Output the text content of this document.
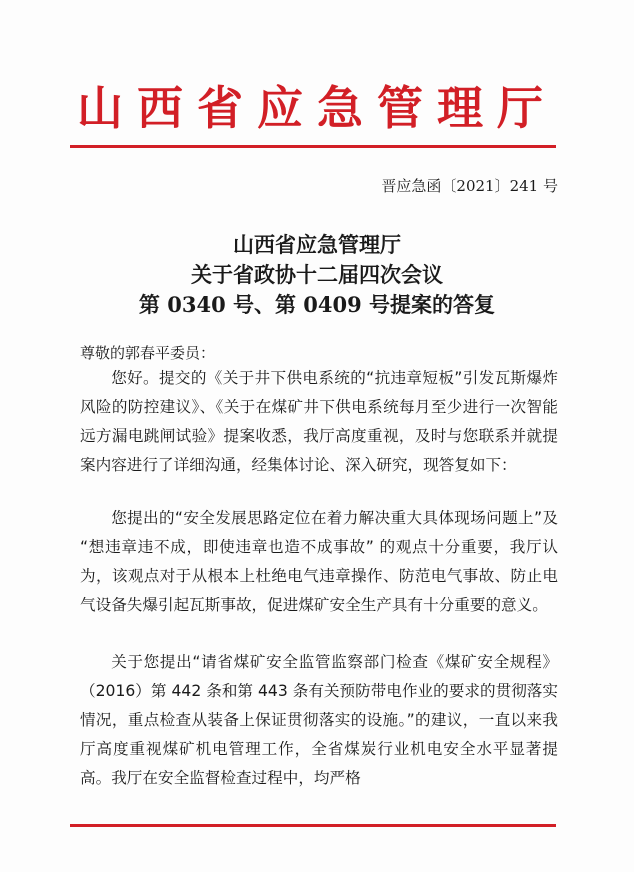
山西省应急管理厅
晋应急函〔2021〕241 号
山西省应急管理厅
关于省政协十二届四次会议
第 0340 号、第 0409 号提案的答复
尊敬的郭春平委员：

您好。提交的《关于井下供电系统的“抗违章短板”引发瓦斯爆炸风险的防控建议》、《关于在煤矿井下供电系统每月至少进行一次智能远方漏电跳闸试验》提案收悉，我厅高度重视，及时与您联系并就提案内容进行了详细沟通，经集体讨论、深入研究，现答复如下：

您提出的“安全发展思路定位在着力解决重大具体现场问题上”及 “想违章违不成，即使违章也造不成事故” 的观点十分重要，我厅认为，该观点对于从根本上杜绝电气违章操作、防范电气事故、防止电气设备失爆引起瓦斯事故，促进煤矿安全生产具有十分重要的意义。

关于您提出“请省煤矿安全监管监察部门检查《煤矿安全规程》（2016）第 442 条和第 443 条有关预防带电作业的要求的贯彻落实情况，重点检查从装备上保证贯彻落实的设施。”的建议，一直以来我厅高度重视煤矿机电管理工作，全省煤炭行业机电安全水平显著提高。我厅在安全监督检查过程中，均严格
